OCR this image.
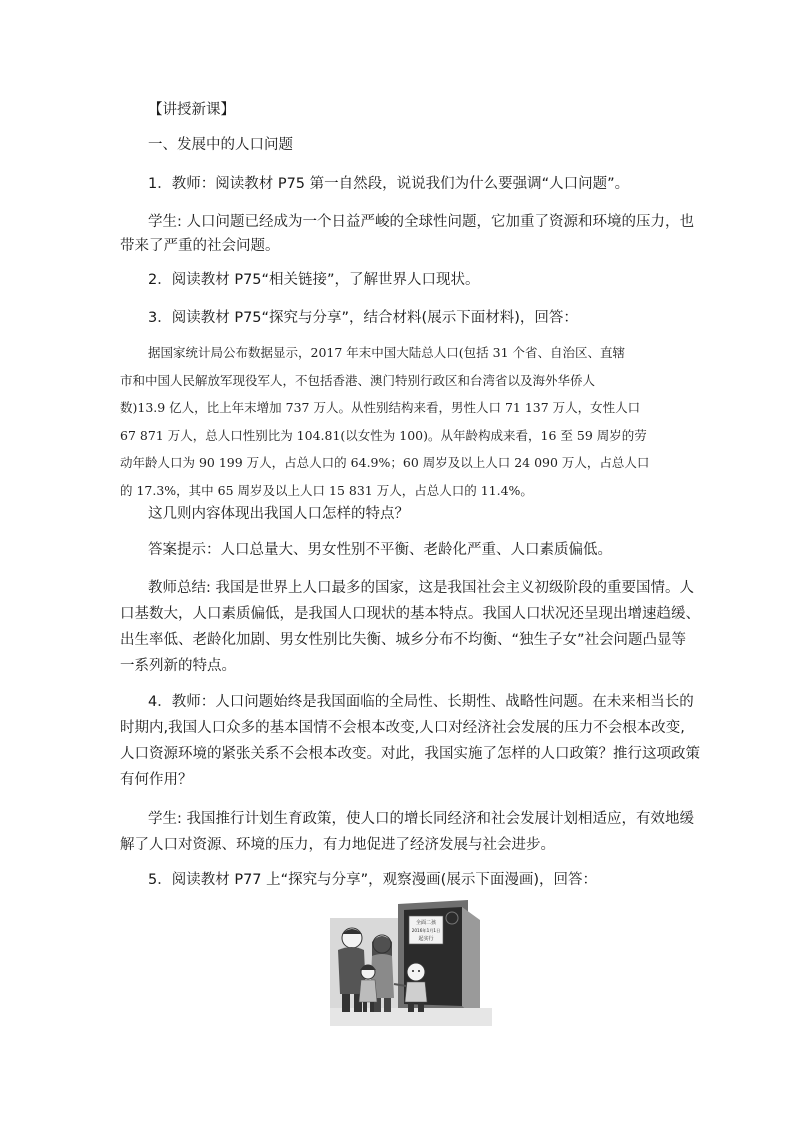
【讲授新课】

一、发展中的人口问题

1．教师：阅读教材 P75 第一自然段，说说我们为什么要强调“人口问题”。

学生: 人口问题已经成为一个日益严峻的全球性问题，它加重了资源和环境的压力，也

带来了严重的社会问题。

2．阅读教材 P75“相关链接”，了解世界人口现状。

3．阅读教材 P75“探究与分享”，结合材料(展示下面材料)，回答：

据国家统计局公布数据显示，2017 年末中国大陆总人口(包括 31 个省、自治区、直辖
市和中国人民解放军现役军人，不包括香港、澳门特别行政区和台湾省以及海外华侨人
数)13.9 亿人，比上年末增加 737 万人。从性别结构来看，男性人口 71 137 万人，女性人口
67 871 万人，总人口性别比为 104.81(以女性为 100)。从年龄构成来看，16 至 59 周岁的劳
动年龄人口为 90 199 万人，占总人口的 64.9%；60 周岁及以上人口 24 090 万人，占总人口
的 17.3%，其中 65 周岁及以上人口 15 831 万人，占总人口的 11.4%。

这几则内容体现出我国人口怎样的特点？

答案提示：人口总量大、男女性别不平衡、老龄化严重、人口素质偏低。

教师总结: 我国是世界上人口最多的国家，这是我国社会主义初级阶段的重要国情。人

口基数大，人口素质偏低，是我国人口现状的基本特点。我国人口状况还呈现出增速趋缓、

出生率低、老龄化加剧、男女性别比失衡、城乡分布不均衡、“独生子女”社会问题凸显等

一系列新的特点。

4．教师：人口问题始终是我国面临的全局性、长期性、战略性问题。在未来相当长的

时期内,我国人口众多的基本国情不会根本改变,人口对经济社会发展的压力不会根本改变,

人口资源环境的紧张关系不会根本改变。对此，我国实施了怎样的人口政策？推行这项政策

有何作用？

学生: 我国推行计划生育政策，使人口的增长同经济和社会发展计划相适应，有效地缓

解了人口对资源、环境的压力，有力地促进了经济发展与社会进步。

5．阅读教材 P77 上“探究与分享”，观察漫画(展示下面漫画)，回答：

全面二孩
2016年1月1日
起实行
